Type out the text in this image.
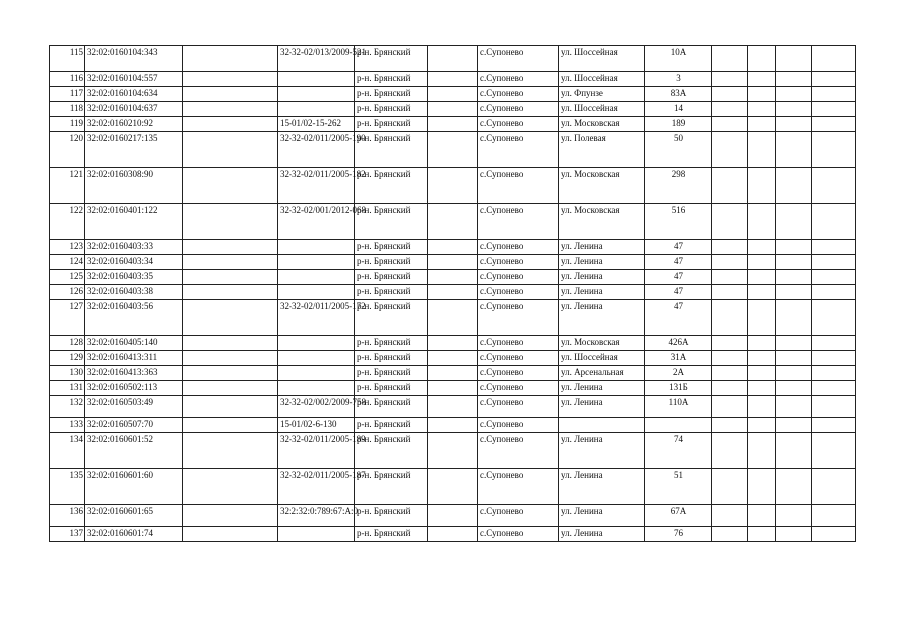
115	32:02:0160104:343		32-32-02/013/2009-521	р-н. Брянский		с.Супонево	ул. Шоссейная	10А				
116	32:02:0160104:557			р-н. Брянский		с.Супонево	ул. Шоссейная	3				
117	32:02:0160104:634			р-н. Брянский		с.Супонево	ул. Фпунзе	83А				
118	32:02:0160104:637			р-н. Брянский		с.Супонево	ул. Шоссейная	14				
119	32:02:0160210:92		15-01/02-15-262	р-н. Брянский		с.Супонево	ул. Московская	189				
120	32:02:0160217:135		32-32-02/011/2005-190	р-н. Брянский		с.Супонево	ул. Полевая	50				
121	32:02:0160308:90		32-32-02/011/2005-182	р-н. Брянский		с.Супонево	ул. Московская	298				
122	32:02:0160401:122		32-32-02/001/2012-068	р-н. Брянский		с.Супонево	ул. Московская	516				
123	32:02:0160403:33			р-н. Брянский		с.Супонево	ул. Ленина	47				
124	32:02:0160403:34			р-н. Брянский		с.Супонево	ул. Ленина	47				
125	32:02:0160403:35			р-н. Брянский		с.Супонево	ул. Ленина	47				
126	32:02:0160403:38			р-н. Брянский		с.Супонево	ул. Ленина	47				
127	32:02:0160403:56		32-32-02/011/2005-172	р-н. Брянский		с.Супонево	ул. Ленина	47				
128	32:02:0160405:140			р-н. Брянский		с.Супонево	ул. Московская	426А				
129	32:02:0160413:311			р-н. Брянский		с.Супонево	ул. Шоссейная	31А				
130	32:02:0160413:363			р-н. Брянский		с.Супонево	ул. Арсенальная	2А				
131	32:02:0160502:113			р-н. Брянский		с.Супонево	ул. Ленина	131Б				
132	32:02:0160503:49		32-32-02/002/2009-758	р-н. Брянский		с.Супонево	ул. Ленина	110А				
133	32:02:0160507:70		15-01/02-6-130	р-н. Брянский		с.Супонево						
134	32:02:0160601:52		32-32-02/011/2005-189	р-н. Брянский		с.Супонево	ул. Ленина	74				
135	32:02:0160601:60		32-32-02/011/2005-187	р-н. Брянский		с.Супонево	ул. Ленина	51				
136	32:02:0160601:65		32:2:32:0:789:67:А:0	р-н. Брянский		с.Супонево	ул. Ленина	67А				
137	32:02:0160601:74			р-н. Брянский		с.Супонево	ул. Ленина	76				
